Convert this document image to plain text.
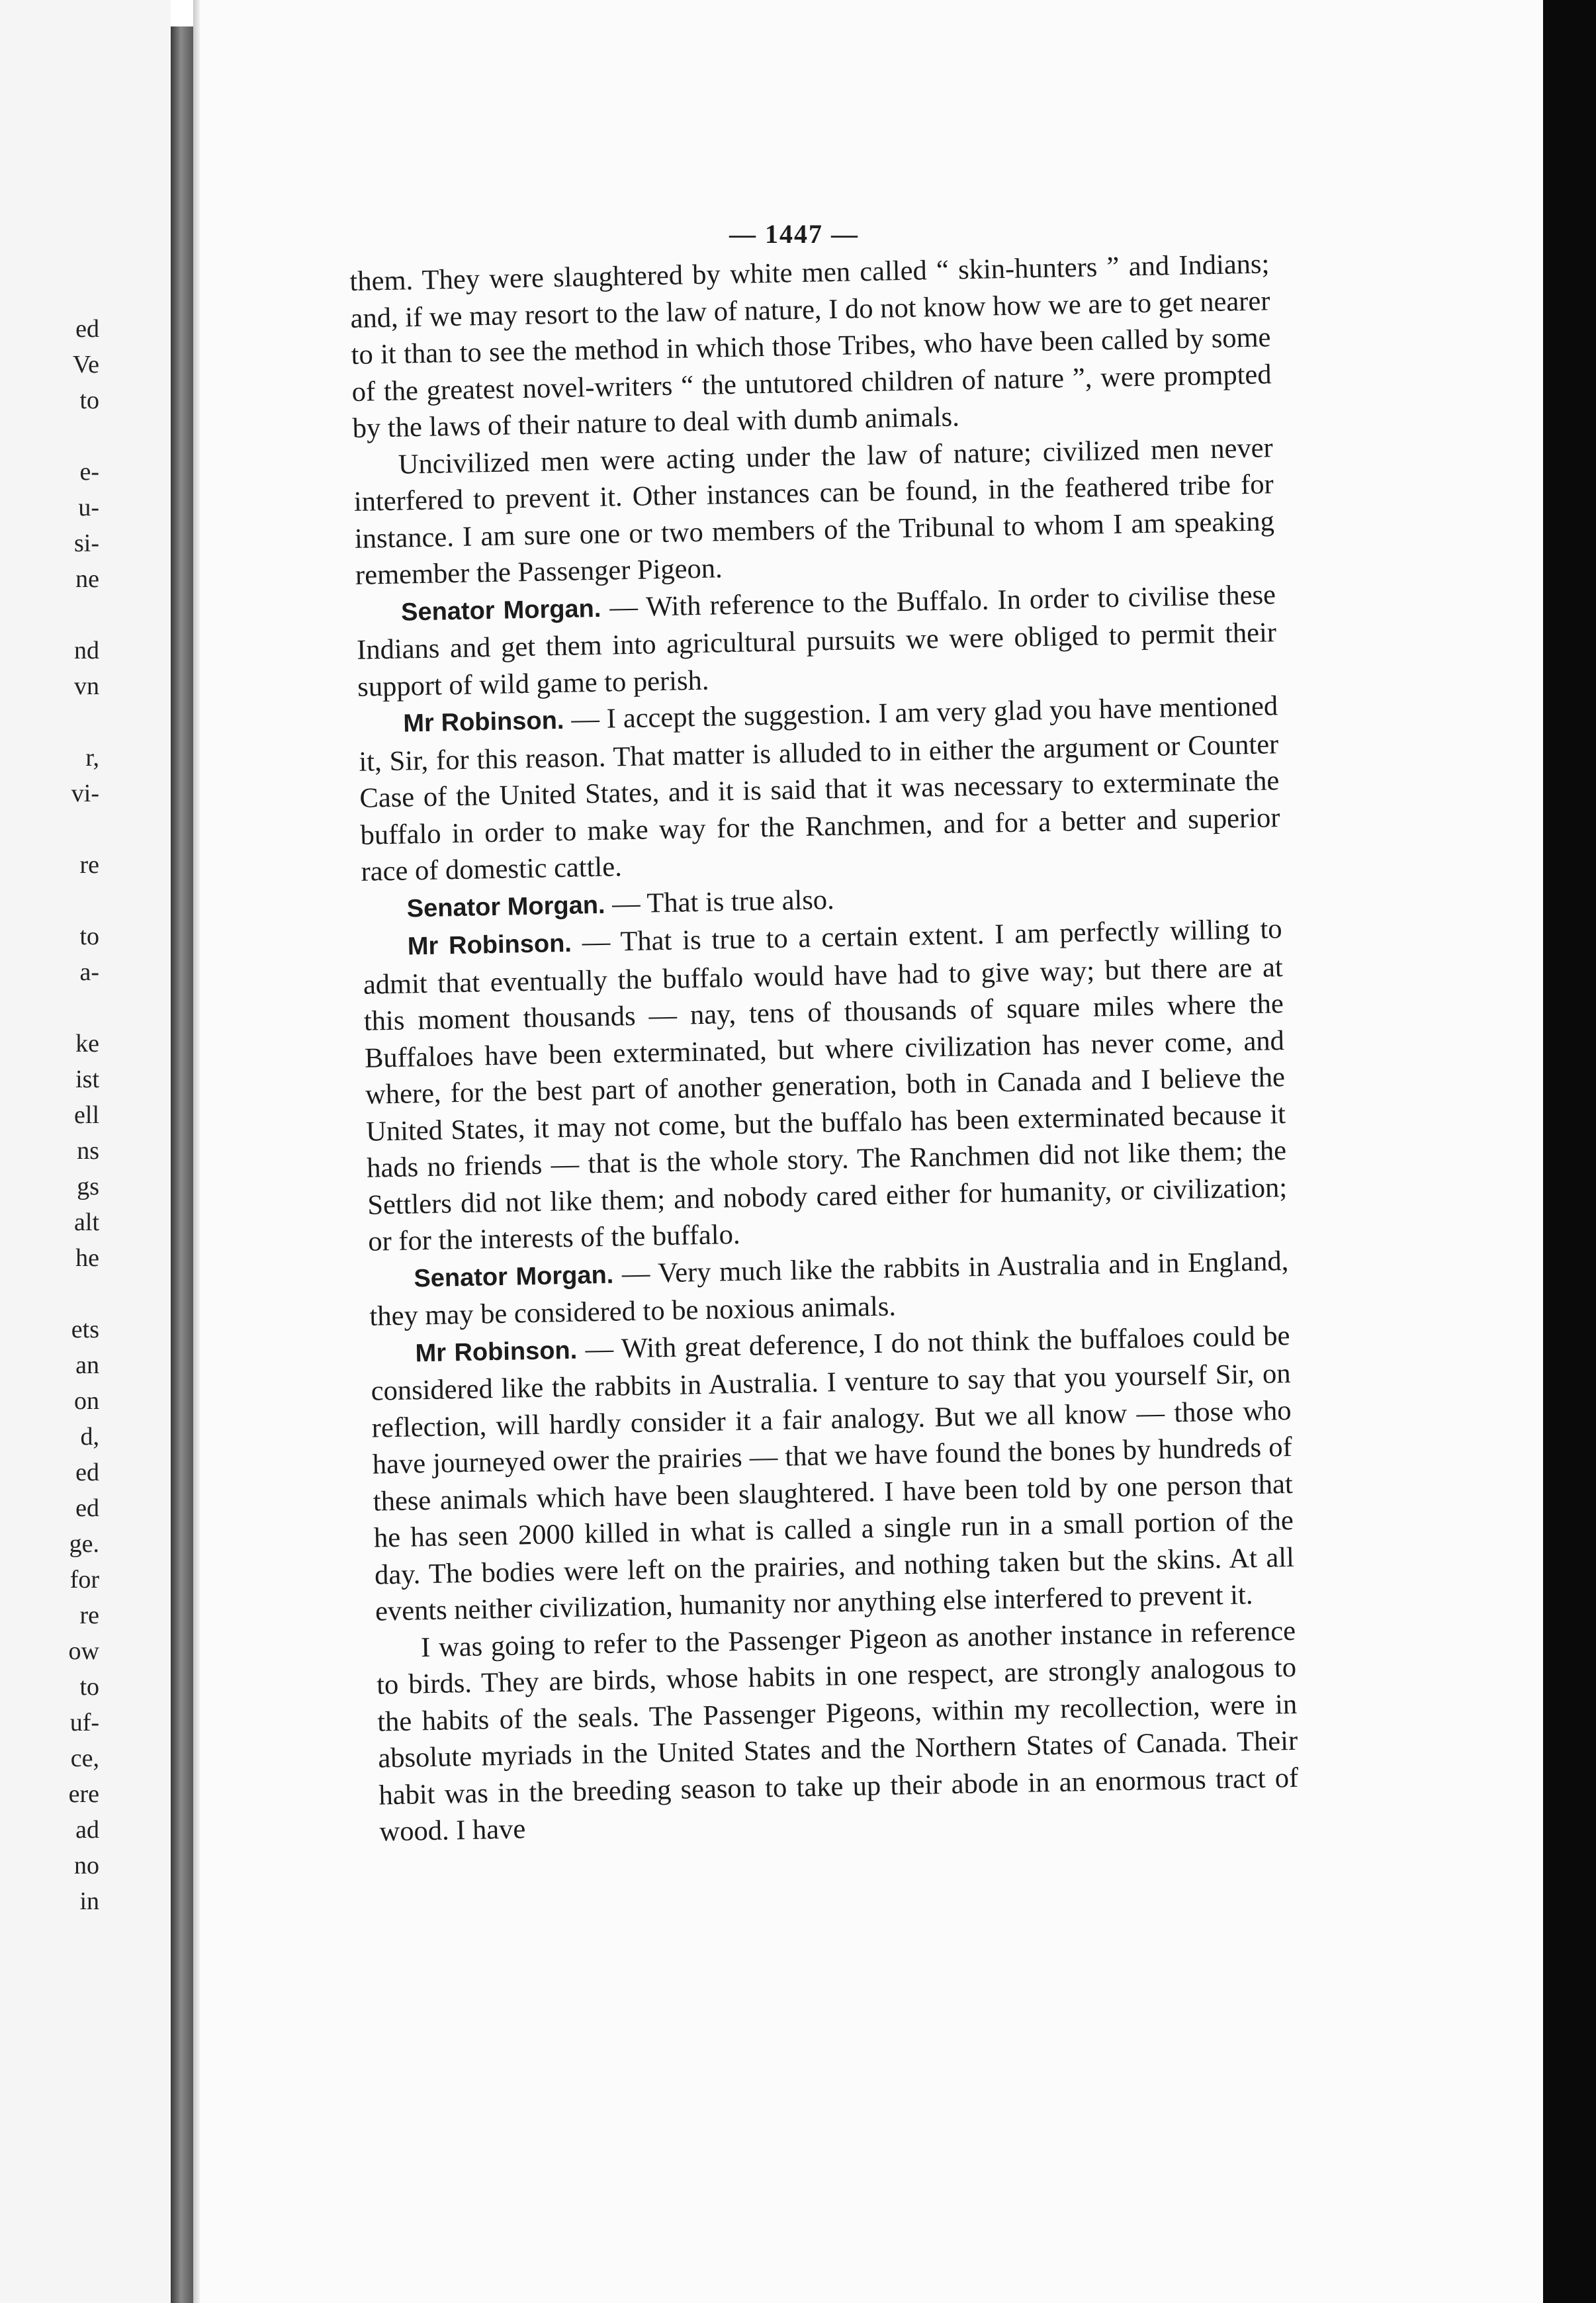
ed
Ve
to
e-
u-
si-
ne
nd
vn
r,
vi-
re
to
a-
ke
ist
ell
ns
gs
alt
he
ets
an
on
d,
ed
ed
ge.
for
re
ow
to
uf-
ce,
ere
ad
no
in
— 1447 —

them. They were slaughtered by white men called “ skin-hunters ” and Indians; and, if we may resort to the law of nature, I do not know how we are to get nearer to it than to see the method in which those Tribes, who have been called by some of the greatest novel-writers “ the untutored children of nature ”, were prompted by the laws of their nature to deal with dumb animals.

Uncivilized men were acting under the law of nature; civilized men never interfered to prevent it. Other instances can be found, in the feathered tribe for instance. I am sure one or two members of the Tribunal to whom I am speaking remember the Passenger Pigeon.

Senator Morgan. — With reference to the Buffalo. In order to civilise these Indians and get them into agricultural pursuits we were obliged to permit their support of wild game to perish.

Mr Robinson. — I accept the suggestion. I am very glad you have mentioned it, Sir, for this reason. That matter is alluded to in either the argument or Counter Case of the United States, and it is said that it was necessary to exterminate the buffalo in order to make way for the Ranchmen, and for a better and superior race of domestic cattle.

Senator Morgan. — That is true also.

Mr Robinson. — That is true to a certain extent. I am perfectly willing to admit that eventually the buffalo would have had to give way; but there are at this moment thousands — nay, tens of thousands of square miles where the Buffaloes have been exterminated, but where civilization has never come, and where, for the best part of another generation, both in Canada and I believe the United States, it may not come, but the buffalo has been exterminated because it hads no friends — that is the whole story. The Ranchmen did not like them; the Settlers did not like them; and nobody cared either for humanity, or civilization; or for the interests of the buffalo.

Senator Morgan. — Very much like the rabbits in Australia and in England, they may be considered to be noxious animals.

Mr Robinson. — With great deference, I do not think the buffaloes could be considered like the rabbits in Australia. I venture to say that you yourself Sir, on reflection, will hardly consider it a fair analogy. But we all know — those who have journeyed ower the prairies — that we have found the bones by hundreds of these animals which have been slaughtered. I have been told by one person that he has seen 2000 killed in what is called a single run in a small portion of the day. The bodies were left on the prairies, and nothing taken but the skins. At all events neither civilization, humanity nor anything else interfered to prevent it.

I was going to refer to the Passenger Pigeon as another instance in reference to birds. They are birds, whose habits in one respect, are strongly analogous to the habits of the seals. The Passenger Pigeons, within my recollection, were in absolute myriads in the United States and the Northern States of Canada. Their habit was in the breeding season to take up their abode in an enormous tract of wood. I have
